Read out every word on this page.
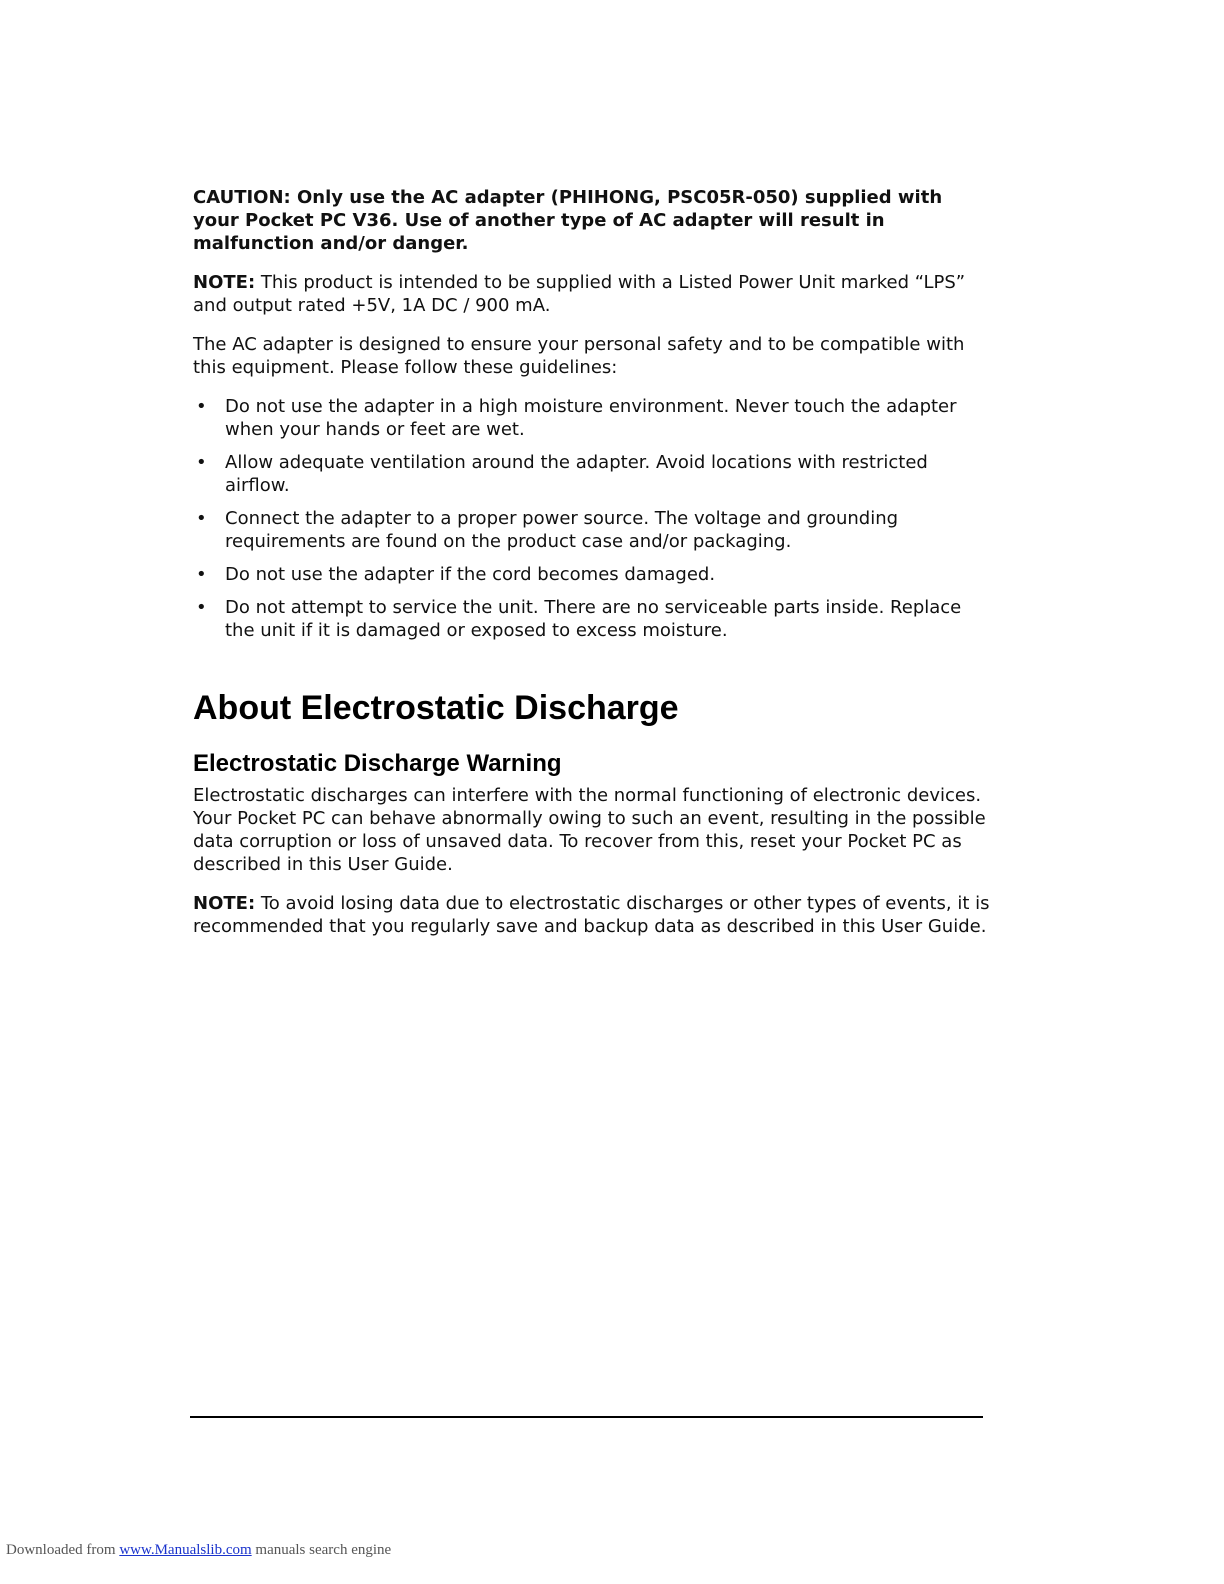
CAUTION: Only use the AC adapter (PHIHONG, PSC05R-050) supplied with your Pocket PC V36. Use of another type of AC adapter will result in malfunction and/or danger.

NOTE: This product is intended to be supplied with a Listed Power Unit marked “LPS” and output rated +5V, 1A DC / 900 mA.

The AC adapter is designed to ensure your personal safety and to be compatible with this equipment. Please follow these guidelines:

• Do not use the adapter in a high moisture environment. Never touch the adapter when your hands or feet are wet.
• Allow adequate ventilation around the adapter. Avoid locations with restricted airflow.
• Connect the adapter to a proper power source. The voltage and grounding requirements are found on the product case and/or packaging.
• Do not use the adapter if the cord becomes damaged.
• Do not attempt to service the unit. There are no serviceable parts inside. Replace the unit if it is damaged or exposed to excess moisture.
About Electrostatic Discharge
Electrostatic Discharge Warning

Electrostatic discharges can interfere with the normal functioning of electronic devices. Your Pocket PC can behave abnormally owing to such an event, resulting in the possible data corruption or loss of unsaved data. To recover from this, reset your Pocket PC as described in this User Guide.

NOTE: To avoid losing data due to electrostatic discharges or other types of events, it is recommended that you regularly save and backup data as described in this User Guide.

Downloaded from www.Manualslib.com manuals search engine
